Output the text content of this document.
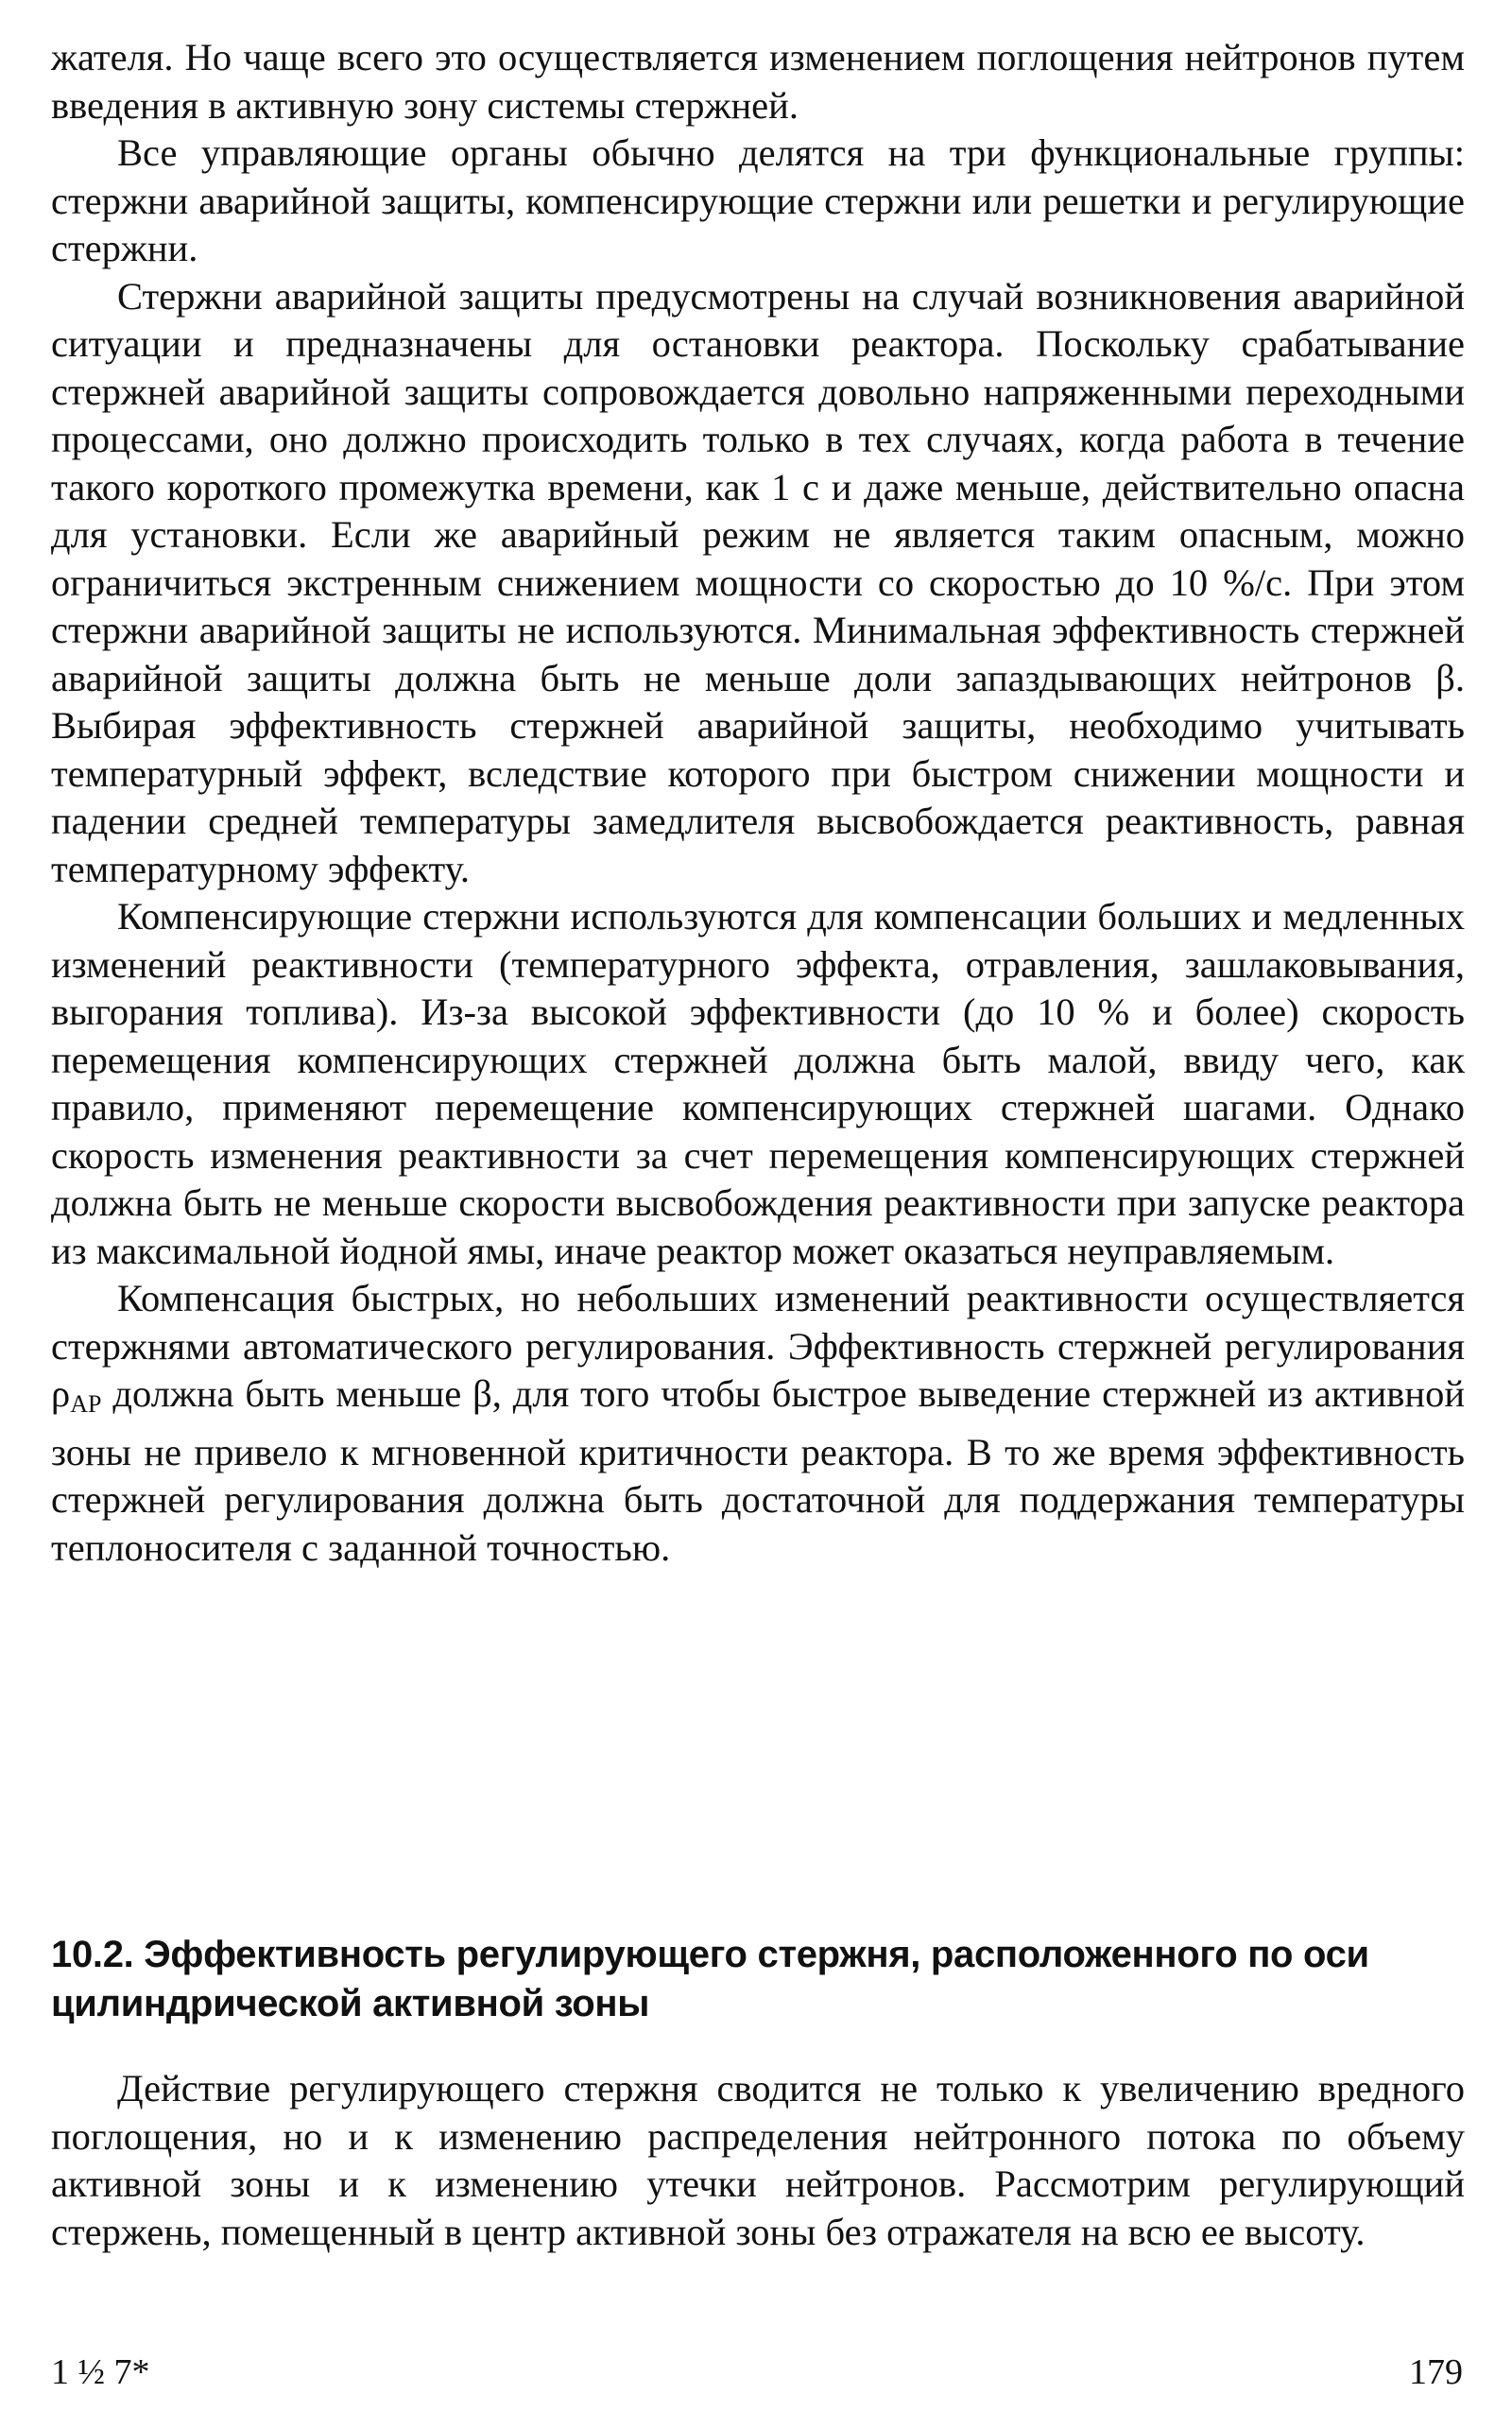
жателя. Но чаще всего это осуществляется изменением поглощения нейтронов путем введения в активную зону системы стержней.

Все управляющие органы обычно делятся на три функциональные группы: стержни аварийной защиты, компенсирующие стержни или решетки и регулирующие стержни.

Стержни аварийной защиты предусмотрены на случай возникновения аварийной ситуации и предназначены для остановки реактора. Поскольку срабатывание стержней аварийной защиты сопровождается довольно напряженными переходными процессами, оно должно происходить только в тех случаях, когда работа в течение такого короткого промежутка времени, как 1 с и даже меньше, действительно опасна для установки. Если же аварийный режим не является таким опасным, можно ограничиться экстренным снижением мощности со скоростью до 10 %/с. При этом стержни аварийной защиты не используются. Минимальная эффективность стержней аварийной защиты должна быть не меньше доли запаздывающих нейтронов β. Выбирая эффективность стержней аварийной защиты, необходимо учитывать температурный эффект, вследствие которого при быстром снижении мощности и падении средней температуры замедлителя высвобождается реактивность, равная температурному эффекту.

Компенсирующие стержни используются для компенсации больших и медленных изменений реактивности (температурного эффекта, отравления, зашлаковывания, выгорания топлива). Из-за высокой эффективности (до 10 % и более) скорость перемещения компенсирующих стержней должна быть малой, ввиду чего, как правило, применяют перемещение компенсирующих стержней шагами. Однако скорость изменения реактивности за счет перемещения компенсирующих стержней должна быть не меньше скорости высвобождения реактивности при запуске реактора из максимальной йодной ямы, иначе реактор может оказаться неуправляемым.

Компенсация быстрых, но небольших изменений реактивности осуществляется стержнями автоматического регулирования. Эффективность стержней регулирования $\rho_{АР}$ должна быть меньше β, для того чтобы быстрое выведение стержней из активной зоны не привело к мгновенной критичности реактора. В то же время эффективность стержней регулирования должна быть достаточной для поддержания температуры теплоносителя с заданной точностью.

10.2. Эффективность регулирующего стержня, расположенного по оси цилиндрической активной зоны

Действие регулирующего стержня сводится не только к увеличению вредного поглощения, но и к изменению распределения нейтронного потока по объему активной зоны и к изменению утечки нейтронов. Рассмотрим регулирующий стержень, помещенный в центр активной зоны без отражателя на всю ее высоту.

1 ½ 7*	179
